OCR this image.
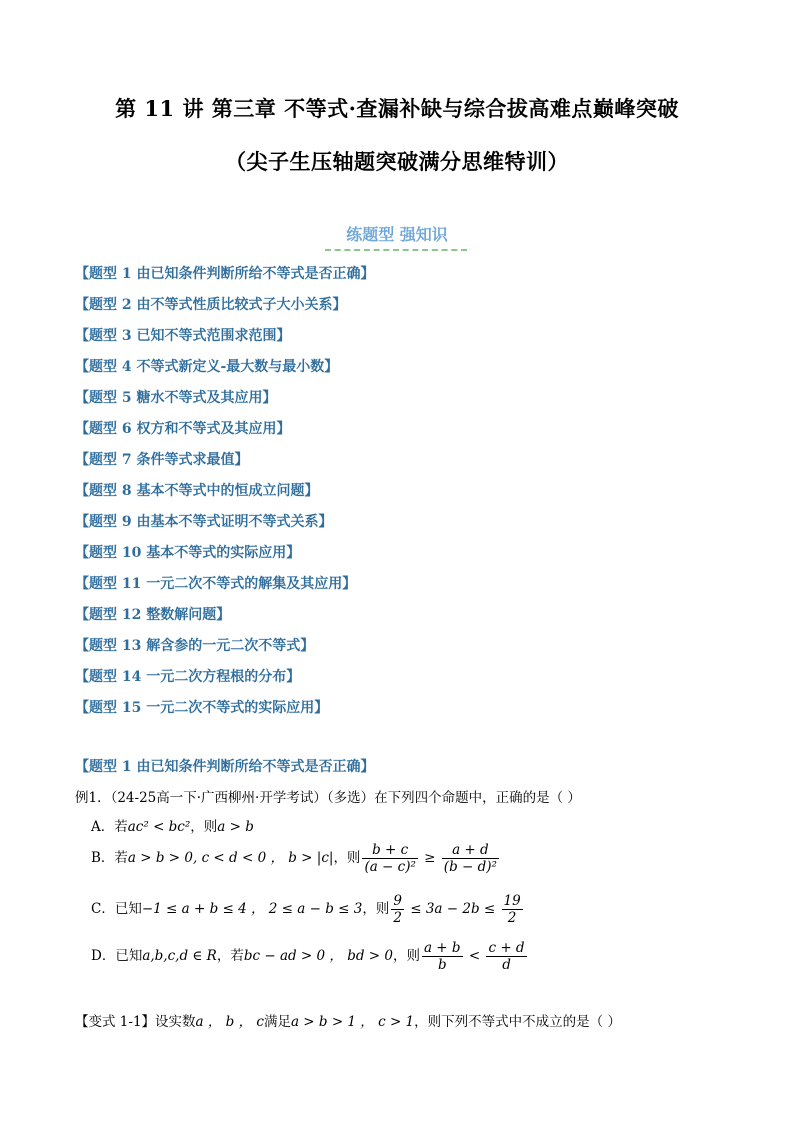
第 11 讲 第三章 不等式·查漏补缺与综合拔高难点巅峰突破
（尖子生压轴题突破满分思维特训）
练题型 强知识
【题型 1 由已知条件判断所给不等式是否正确】
【题型 2 由不等式性质比较式子大小关系】
【题型 3 已知不等式范围求范围】
【题型 4 不等式新定义-最大数与最小数】
【题型 5 糖水不等式及其应用】
【题型 6 权方和不等式及其应用】
【题型 7 条件等式求最值】
【题型 8 基本不等式中的恒成立问题】
【题型 9 由基本不等式证明不等式关系】
【题型 10 基本不等式的实际应用】
【题型 11 一元二次不等式的解集及其应用】
【题型 12 整数解问题】
【题型 13 解含参的一元二次不等式】
【题型 14 一元二次方程根的分布】
【题型 15 一元二次不等式的实际应用】
【题型 1 由已知条件判断所给不等式是否正确】
例1．（24-25高一下·广西柳州·开学考试）（多选）在下列四个命题中，正确的是（ ）
A．若ac² < bc²，则a > b
B．若a > b > 0, c < d < 0 ， b > |c|，则 $\frac{b + c}{\text{(a − c)²}} \ge \frac{a + d}{\text{(b − d)²}}$
C．已知−1 ≤ a + b ≤ 4 ， 2 ≤ a − b ≤ 3，则 $\frac{9}{2} \le 3a - 2b \le \frac{19}{2}$
D．已知a,b,c,d ∈ R，若bc − ad > 0 ， bd > 0，则 $\frac{a + b}{b} < \frac{c + d}{d}$
【变式 1-1】设实数a ， b ， c满足a > b > 1 ， c > 1，则下列不等式中不成立的是（ ）
